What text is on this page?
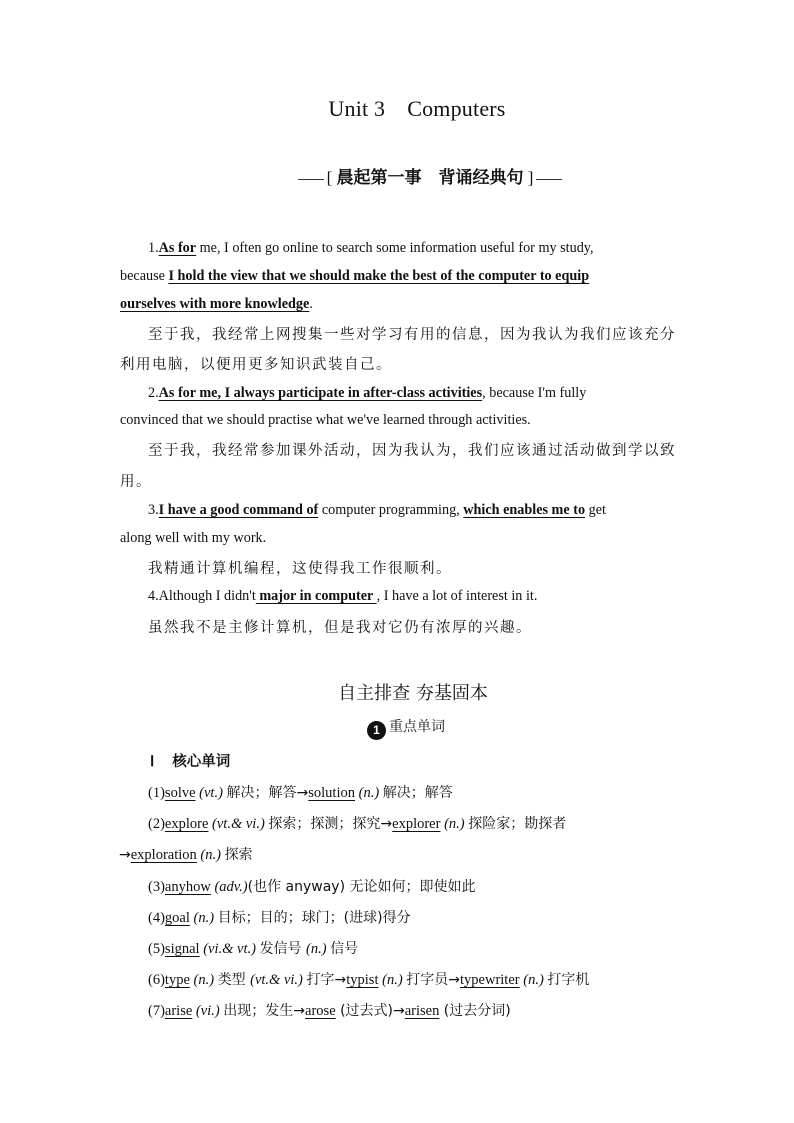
Unit 3 Computers
[ 晨起第一事　背诵经典句 ]
1.As for me, I often go online to search some information useful for my study,
because I hold the view that we should make the best of the computer to equip
ourselves with more knowledge.
至于我，我经常上网搜集一些对学习有用的信息，因为我认为我们应该充分
利用电脑，以便用更多知识武装自己。
2.As for me, I always participate in after-class activities, because I'm fully
convinced that we should practise what we've learned through activities.
至于我，我经常参加课外活动，因为我认为，我们应该通过活动做到学以致
用。
3.I have a good command of computer programming, which enables me to get
along well with my work.
我精通计算机编程，这使得我工作很顺利。
4.Although I didn't major in computer , I have a lot of interest in it.
虽然我不是主修计算机，但是我对它仍有浓厚的兴趣。
自主排查 夯基固本
1 重点单词
Ⅰ 核心单词
(1)solve (vt.) 解决；解答→solution (n.) 解决；解答
(2)explore (vt.& vi.) 探索；探测；探究→explorer (n.) 探险家；勘探者
→exploration (n.) 探索
(3)anyhow (adv.)(也作 anyway) 无论如何；即使如此
(4)goal (n.) 目标；目的；球门；(进球)得分
(5)signal (vi.& vt.) 发信号 (n.) 信号
(6)type (n.) 类型 (vt.& vi.) 打字→typist (n.) 打字员→typewriter (n.) 打字机
(7)arise (vi.) 出现；发生→arose (过去式)→arisen (过去分词)
